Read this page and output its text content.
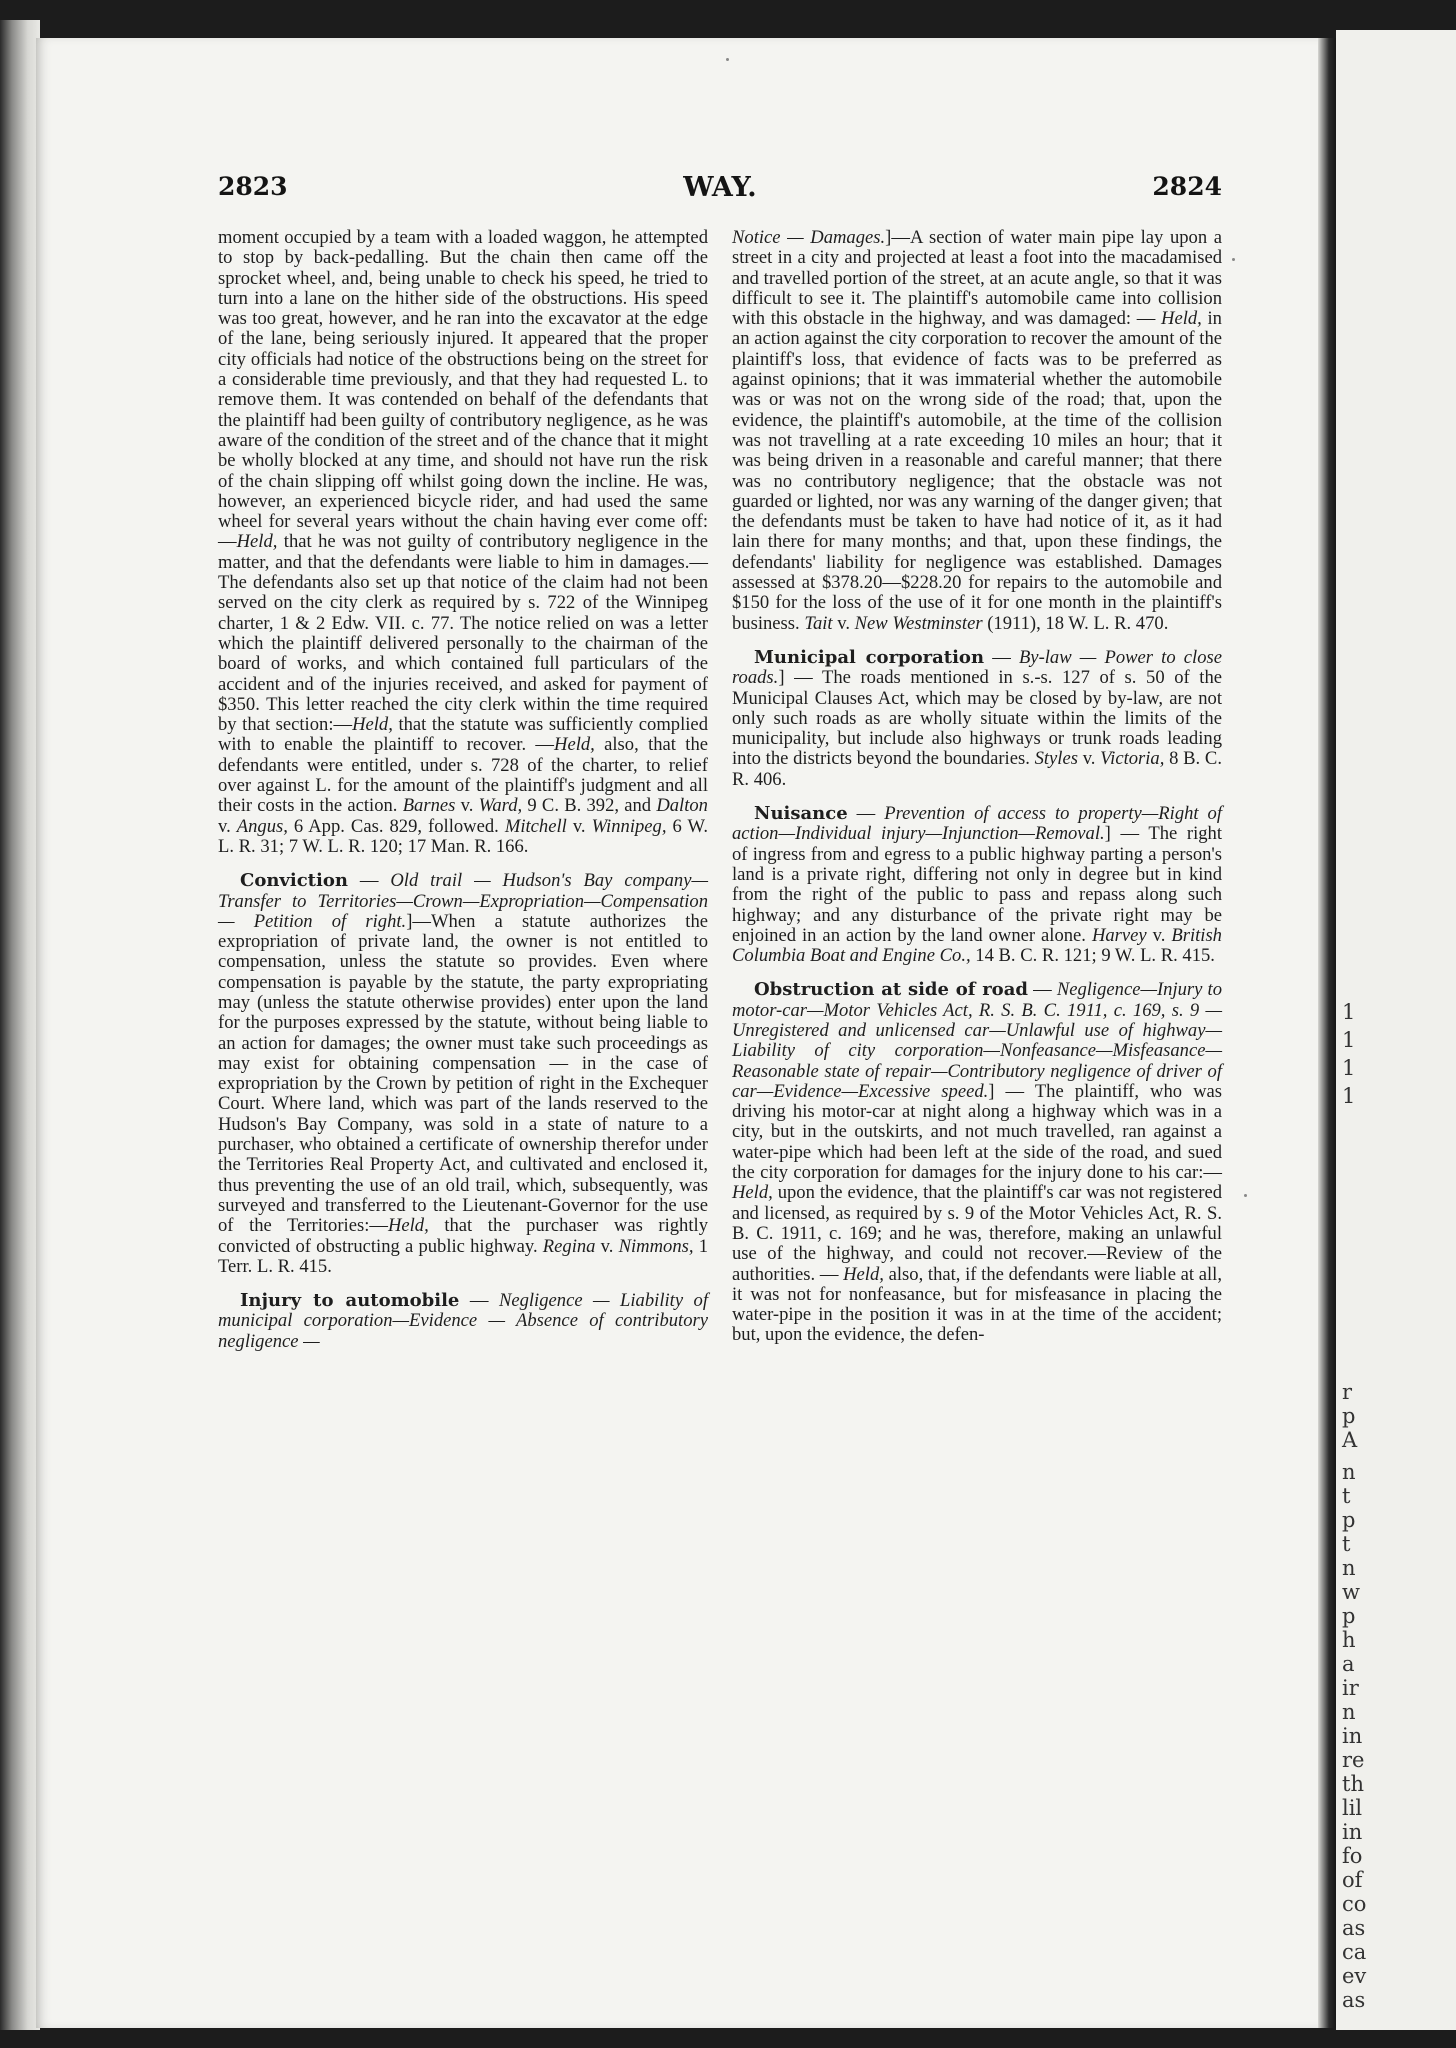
1
1
1
1
r
p
A
n
t
p
t
n
w
p
h
a
ir
n
in
re
th
lil
in
fo
of
co
as
ca
ev
as
2823	WAY.	2824

moment occupied by a team with a loaded waggon, he attempted to stop by back-pedalling. But the chain then came off the sprocket wheel, and, being unable to check his speed, he tried to turn into a lane on the hither side of the obstructions. His speed was too great, however, and he ran into the excavator at the edge of the lane, being seriously injured. It appeared that the proper city officials had notice of the obstructions being on the street for a considerable time previously, and that they had requested L. to remove them. It was contended on behalf of the defendants that the plaintiff had been guilty of contributory negligence, as he was aware of the condition of the street and of the chance that it might be wholly blocked at any time, and should not have run the risk of the chain slipping off whilst going down the incline. He was, however, an experienced bicycle rider, and had used the same wheel for several years without the chain having ever come off:—Held, that he was not guilty of contributory negligence in the matter, and that the defendants were liable to him in damages.—The defendants also set up that notice of the claim had not been served on the city clerk as required by s. 722 of the Winnipeg charter, 1 & 2 Edw. VII. c. 77. The notice relied on was a letter which the plaintiff delivered personally to the chairman of the board of works, and which contained full particulars of the accident and of the injuries received, and asked for payment of $350. This letter reached the city clerk within the time required by that section:—Held, that the statute was sufficiently complied with to enable the plaintiff to recover. —Held, also, that the defendants were entitled, under s. 728 of the charter, to relief over against L. for the amount of the plaintiff's judgment and all their costs in the action. Barnes v. Ward, 9 C. B. 392, and Dalton v. Angus, 6 App. Cas. 829, followed. Mitchell v. Winnipeg, 6 W. L. R. 31; 7 W. L. R. 120; 17 Man. R. 166.

Conviction — Old trail — Hudson's Bay company—Transfer to Territories—Crown—Expropriation—Compensation — Petition of right.]—When a statute authorizes the expropriation of private land, the owner is not entitled to compensation, unless the statute so provides. Even where compensation is payable by the statute, the party expropriating may (unless the statute otherwise provides) enter upon the land for the purposes expressed by the statute, without being liable to an action for damages; the owner must take such proceedings as may exist for obtaining compensation — in the case of expropriation by the Crown by petition of right in the Exchequer Court. Where land, which was part of the lands reserved to the Hudson's Bay Company, was sold in a state of nature to a purchaser, who obtained a certificate of ownership therefor under the Territories Real Property Act, and cultivated and enclosed it, thus preventing the use of an old trail, which, subsequently, was surveyed and transferred to the Lieutenant-Governor for the use of the Territories:—Held, that the purchaser was rightly convicted of obstructing a public highway. Regina v. Nimmons, 1 Terr. L. R. 415.

Injury to automobile — Negligence — Liability of municipal corporation—Evidence — Absence of contributory negligence —

Notice — Damages.]—A section of water main pipe lay upon a street in a city and projected at least a foot into the macadamised and travelled portion of the street, at an acute angle, so that it was difficult to see it. The plaintiff's automobile came into collision with this obstacle in the highway, and was damaged: — Held, in an action against the city corporation to recover the amount of the plaintiff's loss, that evidence of facts was to be preferred as against opinions; that it was immaterial whether the automobile was or was not on the wrong side of the road; that, upon the evidence, the plaintiff's automobile, at the time of the collision was not travelling at a rate exceeding 10 miles an hour; that it was being driven in a reasonable and careful manner; that there was no contributory negligence; that the obstacle was not guarded or lighted, nor was any warning of the danger given; that the defendants must be taken to have had notice of it, as it had lain there for many months; and that, upon these findings, the defendants' liability for negligence was established. Damages assessed at $378.20—$228.20 for repairs to the automobile and $150 for the loss of the use of it for one month in the plaintiff's business. Tait v. New Westminster (1911), 18 W. L. R. 470.

Municipal corporation — By-law — Power to close roads.] — The roads mentioned in s.-s. 127 of s. 50 of the Municipal Clauses Act, which may be closed by by-law, are not only such roads as are wholly situate within the limits of the municipality, but include also highways or trunk roads leading into the districts beyond the boundaries. Styles v. Victoria, 8 B. C. R. 406.

Nuisance — Prevention of access to property—Right of action—Individual injury—Injunction—Removal.] — The right of ingress from and egress to a public highway parting a person's land is a private right, differing not only in degree but in kind from the right of the public to pass and repass along such highway; and any disturbance of the private right may be enjoined in an action by the land owner alone. Harvey v. British Columbia Boat and Engine Co., 14 B. C. R. 121; 9 W. L. R. 415.

Obstruction at side of road — Negligence—Injury to motor-car—Motor Vehicles Act, R. S. B. C. 1911, c. 169, s. 9 — Unregistered and unlicensed car—Unlawful use of highway—Liability of city corporation—Nonfeasance—Misfeasance—Reasonable state of repair—Contributory negligence of driver of car—Evidence—Excessive speed.] — The plaintiff, who was driving his motor-car at night along a highway which was in a city, but in the outskirts, and not much travelled, ran against a water-pipe which had been left at the side of the road, and sued the city corporation for damages for the injury done to his car:—Held, upon the evidence, that the plaintiff's car was not registered and licensed, as required by s. 9 of the Motor Vehicles Act, R. S. B. C. 1911, c. 169; and he was, therefore, making an unlawful use of the highway, and could not recover.—Review of the authorities. — Held, also, that, if the defendants were liable at all, it was not for nonfeasance, but for misfeasance in placing the water-pipe in the position it was in at the time of the accident; but, upon the evidence, the defen-
